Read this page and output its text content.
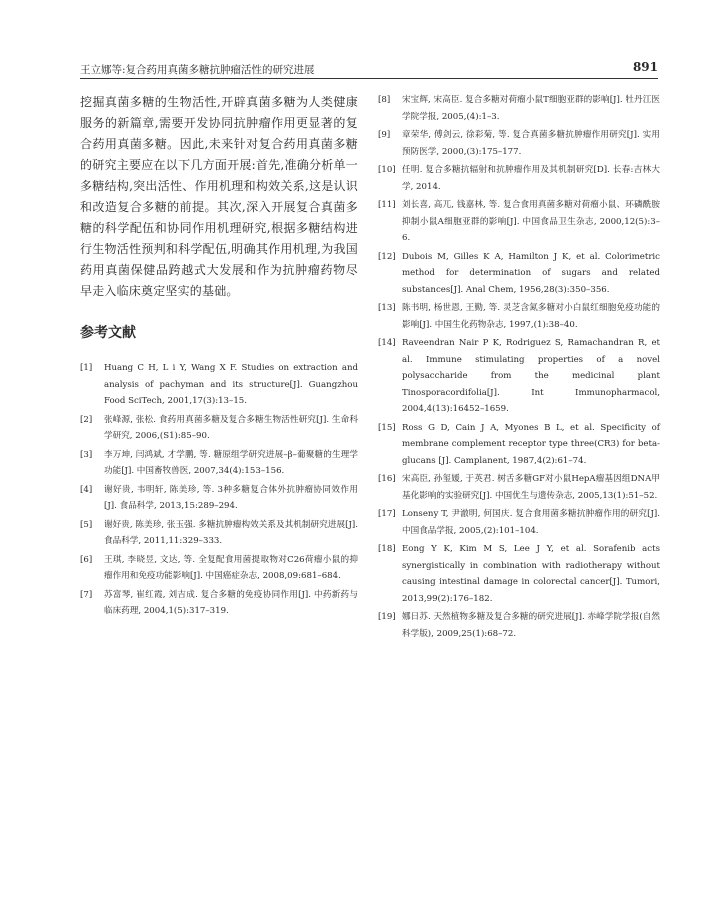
王立娜等:复合药用真菌多糖抗肿瘤活性的研究进展	891

挖掘真菌多糖的生物活性,开辟真菌多糖为人类健康服务的新篇章,需要开发协同抗肿瘤作用更显著的复合药用真菌多糖。因此,未来针对复合药用真菌多糖的研究主要应在以下几方面开展:首先,准确分析单一多糖结构,突出活性、作用机理和构效关系,这是认识和改造复合多糖的前提。其次,深入开展复合真菌多糖的科学配伍和协同作用机理研究,根据多糖结构进行生物活性预判和科学配伍,明确其作用机理,为我国药用真菌保健品跨越式大发展和作为抗肿瘤药物尽早走入临床奠定坚实的基础。

参考文献
[1]	Huang C H, L i Y, Wang X F. Studies on extraction and analysis of pachyman and its structure[J]. Guangzhou Food SciTech, 2001,17(3):13–15.
[2]	张峰源, 张松. 食药用真菌多糖及复合多糖生物活性研究[J]. 生命科学研究, 2006,(S1):85–90.
[3]	李万坤, 闫鸿斌, 才学鹏, 等. 糖原组学研究进展–β–葡聚糖的生理学功能[J]. 中国畜牧兽医, 2007,34(4):153–156.
[4]	谢好贵, 韦明轩, 陈美珍, 等. 3种多糖复合体外抗肿瘤协同效作用[J]. 食品科学, 2013,15:289–294.
[5]	谢好贵, 陈美珍, 张玉强. 多糖抗肿瘤构效关系及其机制研究进展[J]. 食品科学, 2011,11:329–333.
[6]	王琪, 李晓昱, 文达, 等. 全复配食用菌提取物对C26荷瘤小鼠的抑瘤作用和免疫功能影响[J]. 中国癌症杂志, 2008,09:681–684.
[7]	苏富琴, 崔红霞, 刘吉成. 复合多糖的免疫协同作用[J]. 中药新药与临床药理, 2004,1(5):317–319.
[8]	宋宝辉, 宋高臣. 复合多糖对荷瘤小鼠T细胞亚群的影响[J]. 牡丹江医学院学报, 2005,(4):1–3.
[9]	章荣华, 傅剑云, 徐彩菊, 等. 复合真菌多糖抗肿瘤作用研究[J]. 实用预防医学, 2000,(3):175–177.
[10] 任明. 复合多糖抗辐射和抗肿瘤作用及其机制研究[D]. 长春:吉林大学, 2014.
[11] 刘长喜, 高兀, 钱嘉林, 等. 复合食用真菌多糖对荷瘤小鼠、环磷酰胺抑制小鼠A细胞亚群的影响[J]. 中国食品卫生杂志, 2000,12(5):3–6.
[12] Dubois M, Gilles K A, Hamilton J K, et al. Colorimetric method for determination of sugars and related substances[J]. Anal Chem, 1956,28(3):350–356.
[13] 陈书明, 杨世恩, 王勤, 等. 灵芝含氮多糖对小白鼠红细胞免疫功能的影响[J]. 中国生化药物杂志, 1997,(1):38–40.
[14] Raveendran Nair P K, Rodriguez S, Ramachandran R, et al. Immune stimulating properties of a novel polysaccharide from the medicinal plant Tinosporacordifolia[J]. Int Immunopharmacol, 2004,4(13):16452–1659.
[15] Ross G D, Cain J A, Myones B L, et al. Specificity of membrane complement receptor type three(CR3) for beta-glucans [J]. Camplanent, 1987,4(2):61–74.
[16] 宋高臣, 孙玺媛, 于英君. 树舌多糖GF对小鼠HepA瘤基因组DNA甲基化影响的实验研究[J]. 中国优生与遗传杂志, 2005,13(1):51–52.
[17] Lonseny T, 尹澈明, 何国庆. 复合食用菌多糖抗肿瘤作用的研究[J]. 中国食品学报, 2005,(2):101–104.
[18] Eong Y K, Kim M S, Lee J Y, et al. Sorafenib acts synergistically in combination with radiotherapy without causing intestinal damage in colorectal cancer[J]. Tumori, 2013,99(2):176–182.
[19] 娜日苏. 天然植物多糖及复合多糖的研究进展[J]. 赤峰学院学报(自然科学版), 2009,25(1):68–72.
